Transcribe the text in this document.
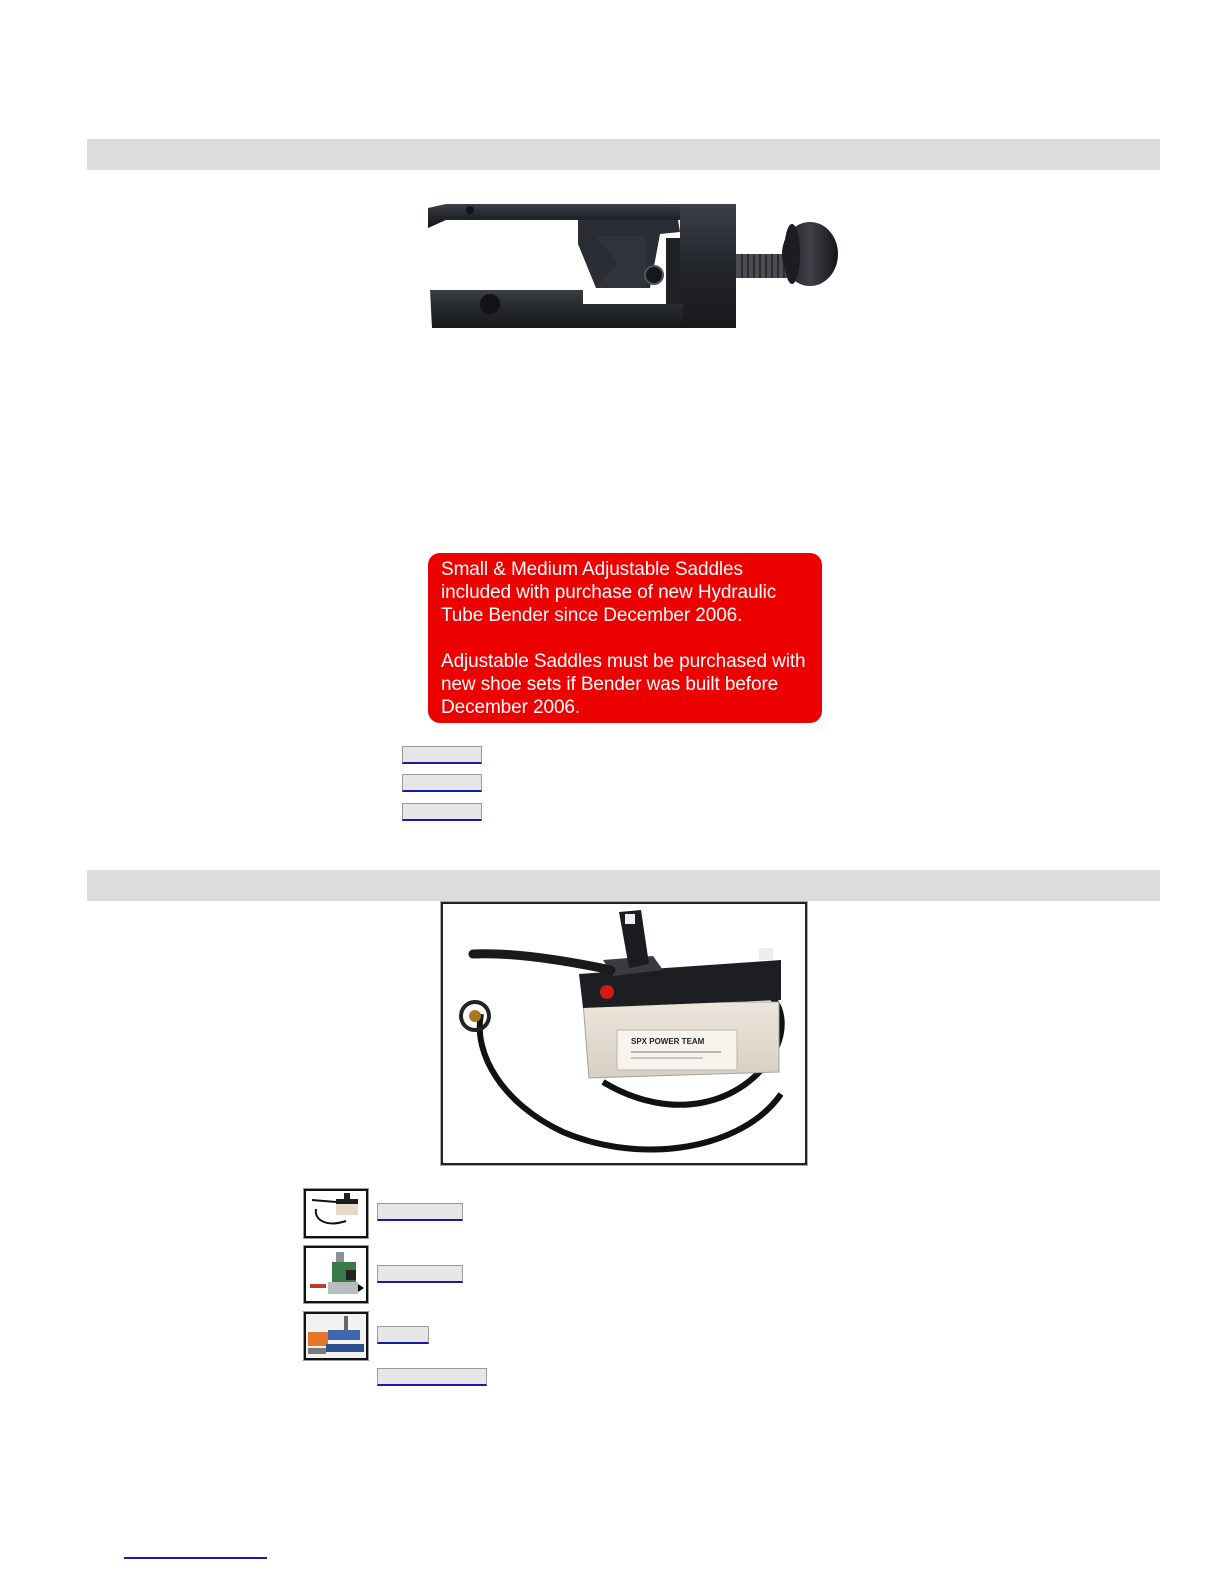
Small & Medium Adjustable Saddles included with purchase of new Hydraulic Tube Bender since December 2006.

Adjustable Saddles must be purchased with new shoe sets if Bender was built before December 2006.

SPX POWER TEAM
